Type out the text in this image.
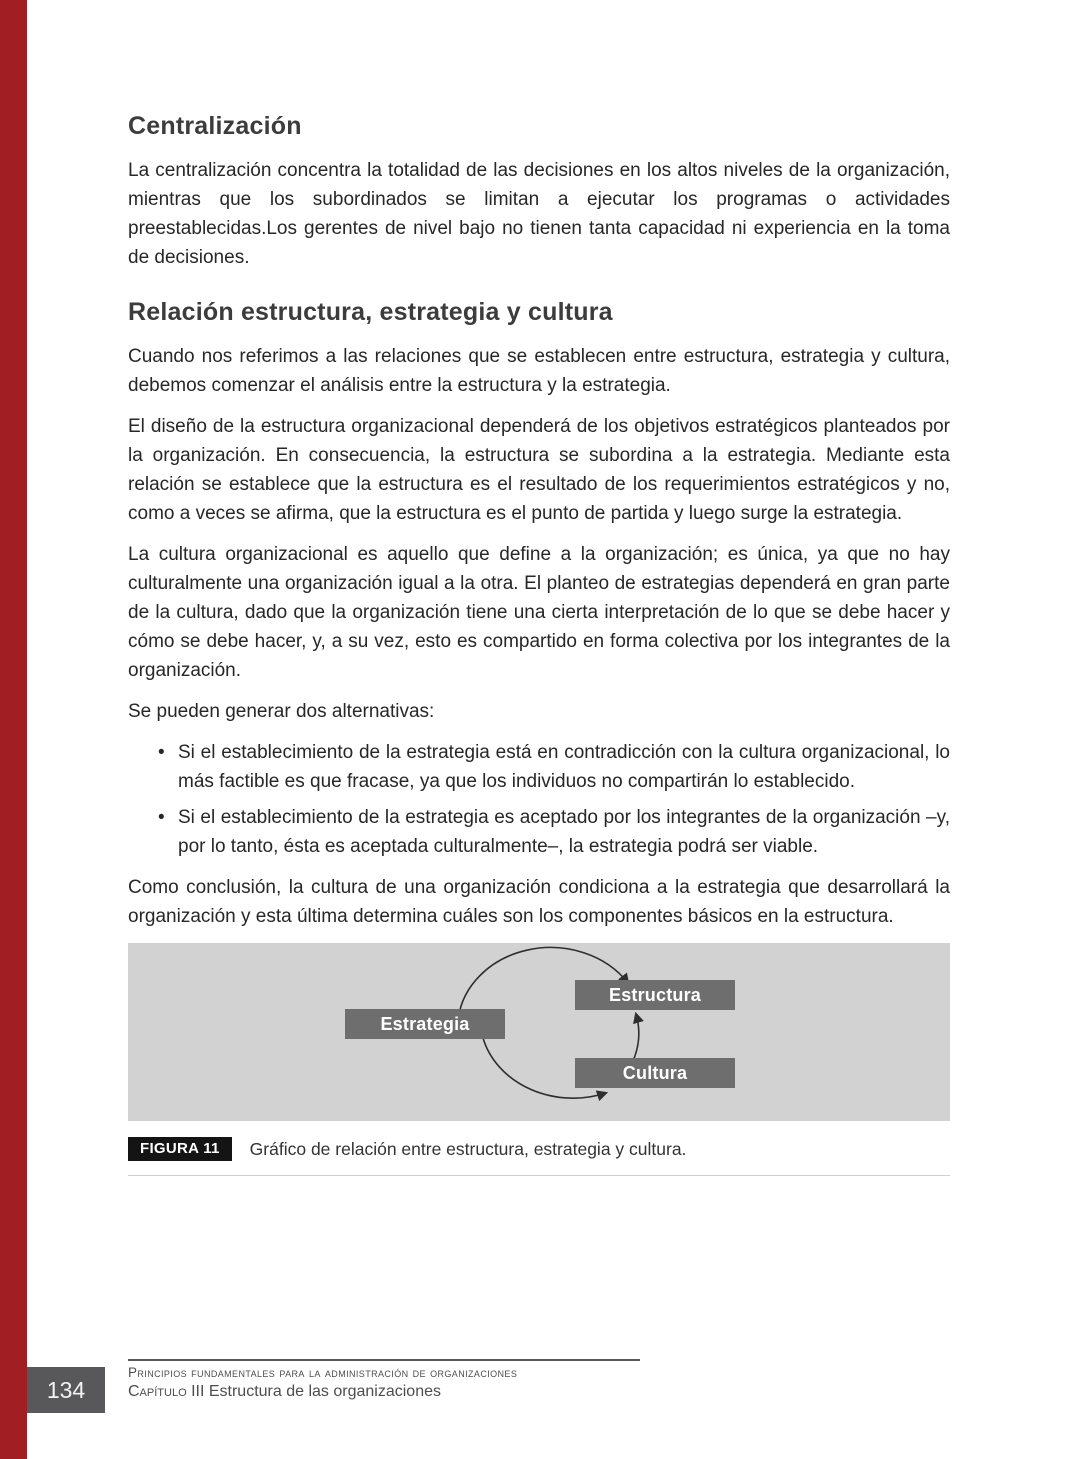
Centralización

La centralización concentra la totalidad de las decisiones en los altos niveles de la organización, mientras que los subordinados se limitan a ejecutar los programas o actividades preestablecidas.Los gerentes de nivel bajo no tienen tanta capacidad ni experiencia en la toma de decisiones.

Relación estructura, estrategia y cultura

Cuando nos referimos a las relaciones que se establecen entre estructura, estrategia y cultura, debemos comenzar el análisis entre la estructura y la estrategia.

El diseño de la estructura organizacional dependerá de los objetivos estratégicos planteados por la organización. En consecuencia, la estructura se subordina a la estrategia. Mediante esta relación se establece que la estructura es el resultado de los requerimientos estratégicos y no, como a veces se afirma, que la estructura es el punto de partida y luego surge la estrategia.

La cultura organizacional es aquello que define a la organización; es única, ya que no hay culturalmente una organización igual a la otra. El planteo de estrategias dependerá en gran parte de la cultura, dado que la organización tiene una cierta interpretación de lo que se debe hacer y cómo se debe hacer, y, a su vez, esto es compartido en forma colectiva por los integrantes de la organización.

Se pueden generar dos alternativas:

•
Si el establecimiento de la estrategia está en contradicción con la cultura organizacional, lo más factible es que fracase, ya que los individuos no compartirán lo establecido.
•
Si el establecimiento de la estrategia es aceptado por los integrantes de la organización –y, por lo tanto, ésta es aceptada culturalmente–, la estrategia podrá ser viable.

Como conclusión, la cultura de una organización condiciona a la estrategia que desarrollará la organización y esta última determina cuáles son los componentes básicos en la estructura.

Estructura
Estrategia
Cultura
FIGURA 11	Gráfico de relación entre estructura, estrategia y cultura.
Principios fundamentales para la administración de organizaciones
Capítulo III Estructura de las organizaciones
134
